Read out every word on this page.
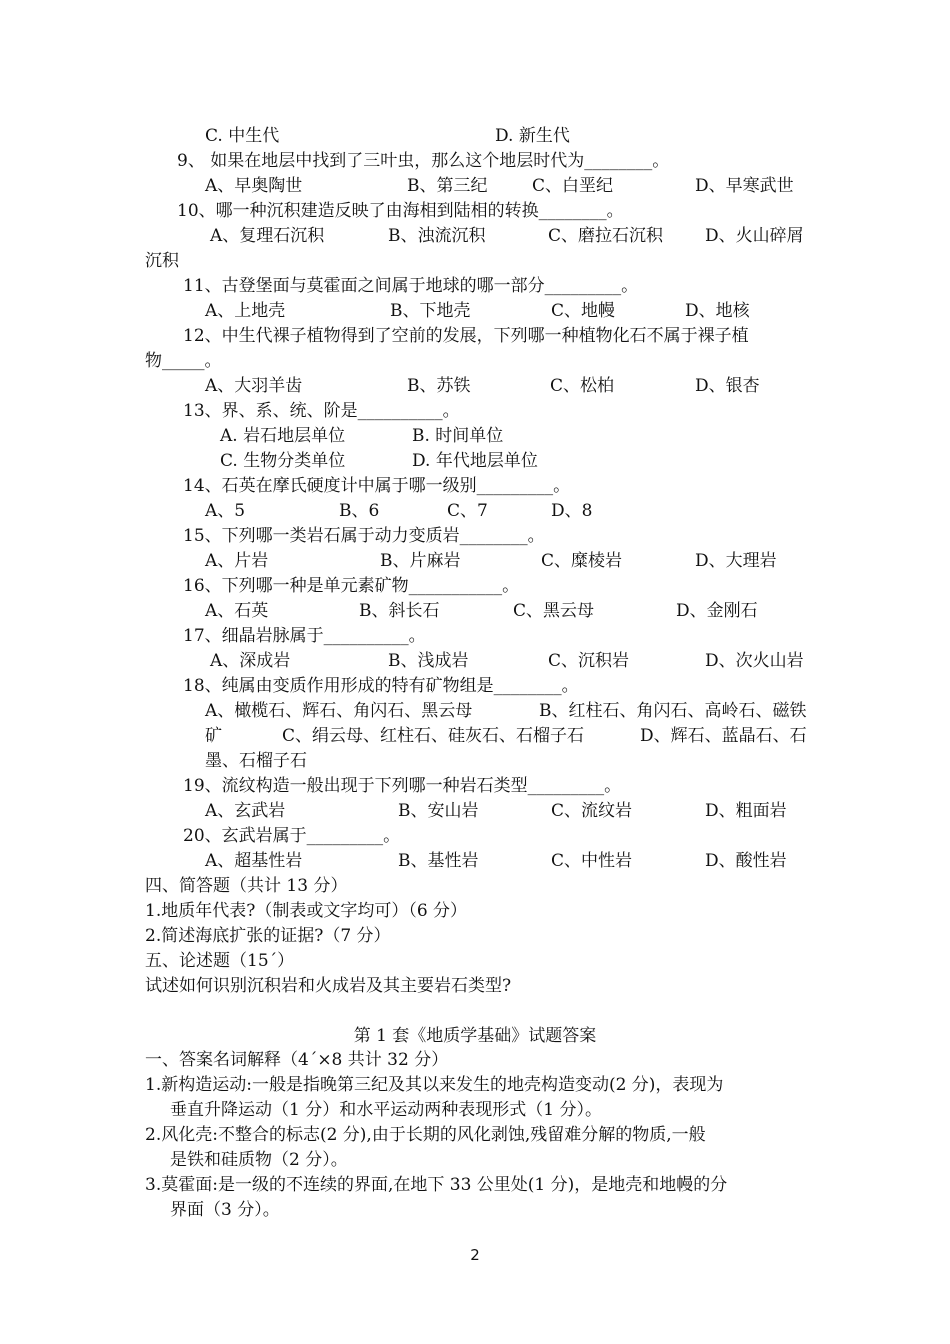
C. 中生代	D. 新生代
9、 如果在地层中找到了三叶虫，那么这个地层时代为________。
A、早奥陶世	B、第三纪	C、白垩纪	D、早寒武世
10、哪一种沉积建造反映了由海相到陆相的转换________。
A、复理石沉积	B、浊流沉积	C、磨拉石沉积 D、火山碎屑
沉积
11、古登堡面与莫霍面之间属于地球的哪一部分_________。
A、上地壳	B、下地壳	C、地幔	D、地核
12、中生代裸子植物得到了空前的发展，下列哪一种植物化石不属于裸子植
物_____。
A、大羽羊齿	B、苏铁	C、松柏	D、银杏
13、界、系、统、阶是__________。
A. 岩石地层单位	B. 时间单位
C. 生物分类单位	D. 年代地层单位
14、石英在摩氏硬度计中属于哪一级别_________。
A、5	B、6	C、7	D、8
15、下列哪一类岩石属于动力变质岩________。
A、片岩	B、片麻岩	C、糜棱岩	D、大理岩
16、下列哪一种是单元素矿物___________。
A、石英	B、斜长石	C、黑云母	D、金刚石
17、细晶岩脉属于__________。
A、深成岩	B、浅成岩	C、沉积岩	D、次火山岩
18、纯属由变质作用形成的特有矿物组是________。
A、橄榄石、辉石、角闪石、黑云母	B、红柱石、角闪石、高岭石、磁铁
矿	C、绢云母、红柱石、硅灰石、石榴子石	D、辉石、蓝晶石、石
墨、石榴子石
19、流纹构造一般出现于下列哪一种岩石类型_________。
A、玄武岩	B、安山岩	C、流纹岩	D、粗面岩
20、玄武岩属于_________。
A、超基性岩	B、基性岩	C、中性岩	D、酸性岩
四、简答题（共计 13 分）
1.地质年代表?（制表或文字均可）（6 分）
2.简述海底扩张的证据?（7 分）
五、论述题（15´）
试述如何识别沉积岩和火成岩及其主要岩石类型?
第 1 套《地质学基础》试题答案
一、答案名词解释（4´×8 共计 32 分）
1.新构造运动:一般是指晚第三纪及其以来发生的地壳构造变动(2 分)，表现为
垂直升降运动（1 分）和水平运动两种表现形式（1 分）。
2.风化壳:不整合的标志(2 分),由于长期的风化剥蚀,残留难分解的物质,一般
是铁和硅质物（2 分）。
3.莫霍面:是一级的不连续的界面,在地下 33 公里处(1 分)，是地壳和地幔的分
界面（3 分）。
2
